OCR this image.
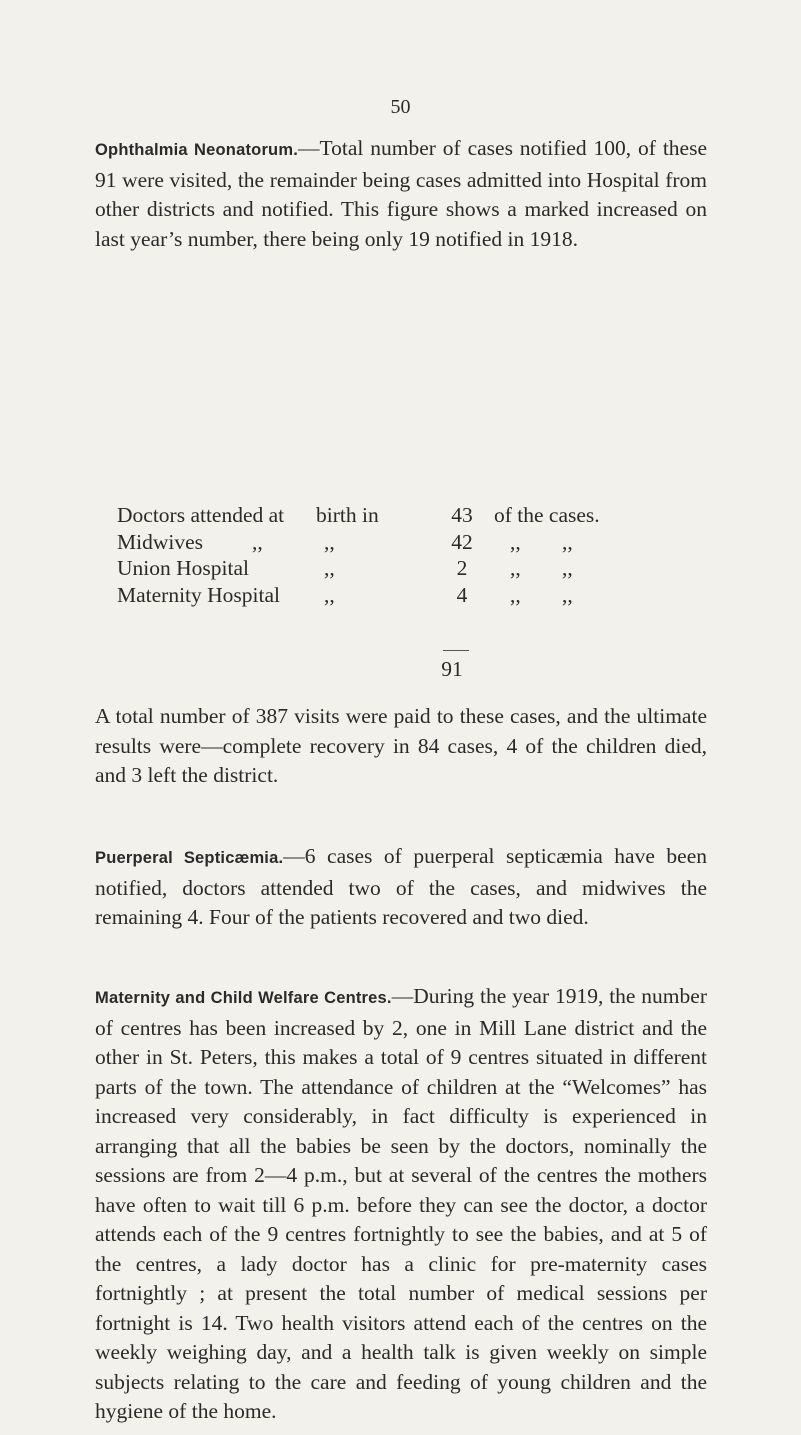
50

Ophthalmia Neonatorum.—Total number of cases notified 100, of these 91 were visited, the remainder being cases admitted into Hospital from other districts and notified. This figure shows a marked increased on last year’s number, there being only 19 notified in 1918.

Doctors attended at birth in	43 of the cases.
Midwives ,,	,,	42	,, ,,
Union Hospital	,,	2	,, ,,
Maternity Hospital ,,	4	,, ,,
91

A total number of 387 visits were paid to these cases, and the ultimate results were—complete recovery in 84 cases, 4 of the children died, and 3 left the district.

Puerperal Septicæmia.—6 cases of puerperal septicæmia have been notified, doctors attended two of the cases, and midwives the remaining 4. Four of the patients recovered and two died.

Maternity and Child Welfare Centres.—During the year 1919, the number of centres has been increased by 2, one in Mill Lane district and the other in St. Peters, this makes a total of 9 centres situated in different parts of the town. The attendance of children at the “Welcomes” has increased very considerably, in fact difficulty is experienced in arranging that all the babies be seen by the doctors, nominally the sessions are from 2—4 p.m., but at several of the centres the mothers have often to wait till 6 p.m. before they can see the doctor, a doctor attends each of the 9 centres fortnightly to see the babies, and at 5 of the centres, a lady doctor has a clinic for pre-maternity cases fortnightly ; at present the total number of medical sessions per fortnight is 14. Two health visitors attend each of the centres on the weekly weighing day, and a health talk is given weekly on simple subjects relating to the care and feeding of young children and the hygiene of the home.
